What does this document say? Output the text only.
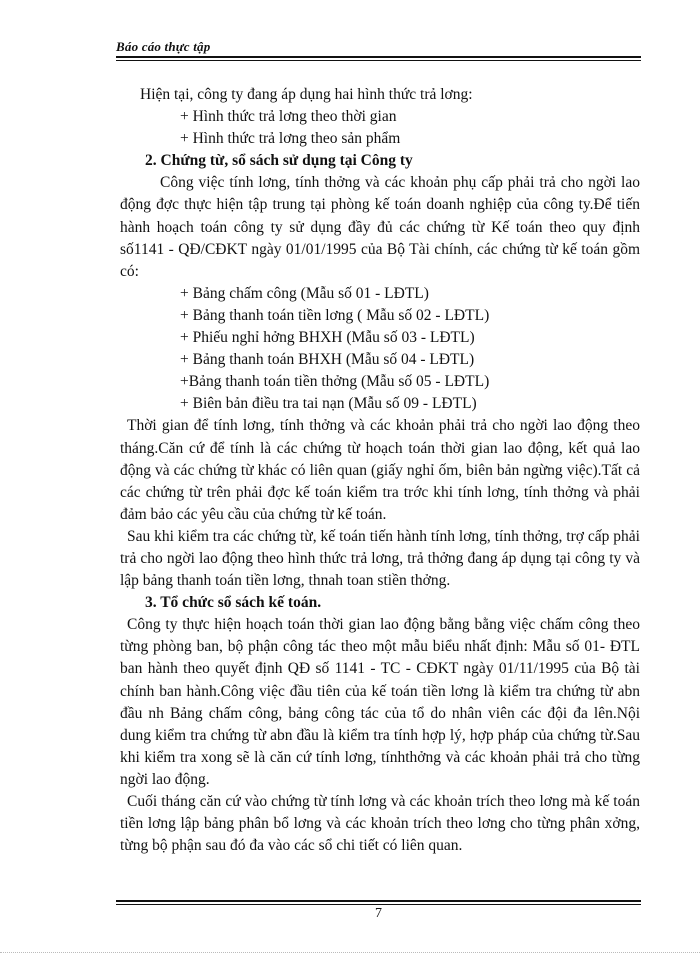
Báo cáo thực tập

Hiện tại, công ty đang áp dụng hai hình thức trả lơng:

+ Hình thức trả lơng theo thời gian

+ Hình thức trả lơng theo sản phẩm

2. Chứng từ, sổ sách sử dụng tại Công ty

Công việc tính lơng, tính thởng và các khoản phụ cấp phải trả cho ngời lao động đợc thực hiện tập trung tại phòng kế toán doanh nghiệp của công ty.Để tiến hành hoạch toán công ty sử dụng đầy đủ các chứng từ Kế toán theo quy định số1141 - QĐ/CĐKT ngày 01/01/1995 của Bộ Tài chính, các chứng từ kế toán gồm có:

+ Bảng chấm công (Mẫu số 01 - LĐTL)

+ Bảng thanh toán tiền lơng ( Mẫu số 02 - LĐTL)

+ Phiếu nghỉ hởng BHXH (Mẫu số 03 - LĐTL)

+ Bảng thanh toán BHXH (Mẫu số 04 - LĐTL)

+Bảng thanh toán tiền thởng (Mẫu số 05 - LĐTL)

+ Biên bản điều tra tai nạn (Mẫu số 09 - LĐTL)

Thời gian để tính lơng, tính thởng và các khoản phải trả cho ngời lao động theo tháng.Căn cứ để tính là các chứng từ hoạch toán thời gian lao động, kết quả lao động và các chứng từ khác có liên quan (giấy nghỉ ốm, biên bản ngừng việc).Tất cả các chứng từ trên phải đợc kế toán kiểm tra trớc khi tính lơng, tính thởng và phải đảm bảo các yêu cầu của chứng từ kế toán.

Sau khi kiểm tra các chứng từ, kế toán tiến hành tính lơng, tính thởng, trợ cấp phải trả cho ngời lao động theo hình thức trả lơng, trả thởng đang áp dụng tại công ty và lập bảng thanh toán tiền lơng, thnah toan stiền thởng.

3. Tổ chức sổ sách kế toán.

Công ty thực hiện hoạch toán thời gian lao động bằng bằng việc chấm công theo từng phòng ban, bộ phận công tác theo một mẫu biểu nhất định: Mẫu số 01- ĐTL ban hành theo quyết định QĐ số 1141 - TC - CĐKT ngày 01/11/1995 của Bộ tài chính ban hành.Công việc đầu tiên của kế toán tiền lơng là kiểm tra chứng từ abn đầu nh Bảng chấm công, bảng công tác của tổ do nhân viên các đội đa lên.Nội dung kiểm tra chứng từ abn đầu là kiểm tra tính hợp lý, hợp pháp của chứng từ.Sau khi kiểm tra xong sẽ là căn cứ tính lơng, tínhthởng và các khoản phải trả cho từng ngời lao động.

Cuối tháng căn cứ vào chứng từ tính lơng và các khoản trích theo lơng mà kế toán tiền lơng lập bảng phân bổ lơng và các khoản trích theo lơng cho từng phân xởng, từng bộ phận sau đó đa vào các sổ chi tiết có liên quan.

7
